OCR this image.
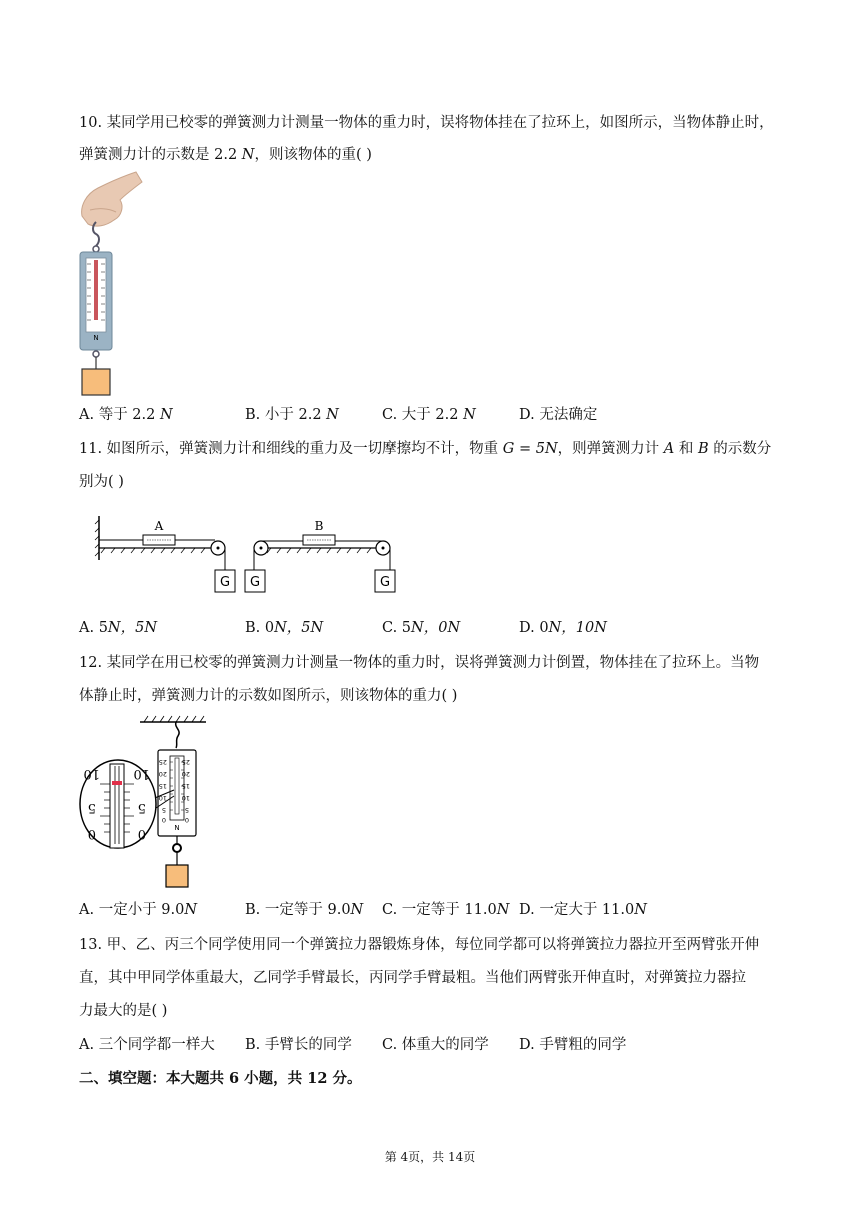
10. 某同学用已校零的弹簧测力计测量一物体的重力时，误将物体挂在了拉环上，如图所示，当物体静止时，
弹簧测力计的示数是 2.2 N，则该物体的重( )
N
A. 等于 2.2 N	B. 小于 2.2 N	C. 大于 2.2 N	D. 无法确定
11. 如图所示，弹簧测力计和细线的重力及一切摩擦均不计，物重 G = 5N，则弹簧测力计 A 和 B 的示数分
别为( )
A
G
B
G	G
A. 5N，5N	B. 0N，5N	C. 5N，0N	D. 0N，10N
12. 某同学在用已校零的弹簧测力计测量一物体的重力时，误将弹簧测力计倒置，物体挂在了拉环上。当物
体静止时，弹簧测力计的示数如图所示，则该物体的重力( )
25
20
15
10
5
0
25
20
15
10
5
0
N
10
5
0
10
5
0
A. 一定小于 9.0N	B. 一定等于 9.0N C. 一定等于 11.0N D. 一定大于 11.0N
13. 甲、乙、丙三个同学使用同一个弹簧拉力器锻炼身体，每位同学都可以将弹簧拉力器拉开至两臂张开伸
直，其中甲同学体重最大，乙同学手臂最长，丙同学手臂最粗。当他们两臂张开伸直时，对弹簧拉力器拉
力最大的是( )
A. 三个同学都一样大 B. 手臂长的同学 C. 体重大的同学 D. 手臂粗的同学
二、填空题：本大题共 6 小题，共 12 分。
第 4页，共 14页
